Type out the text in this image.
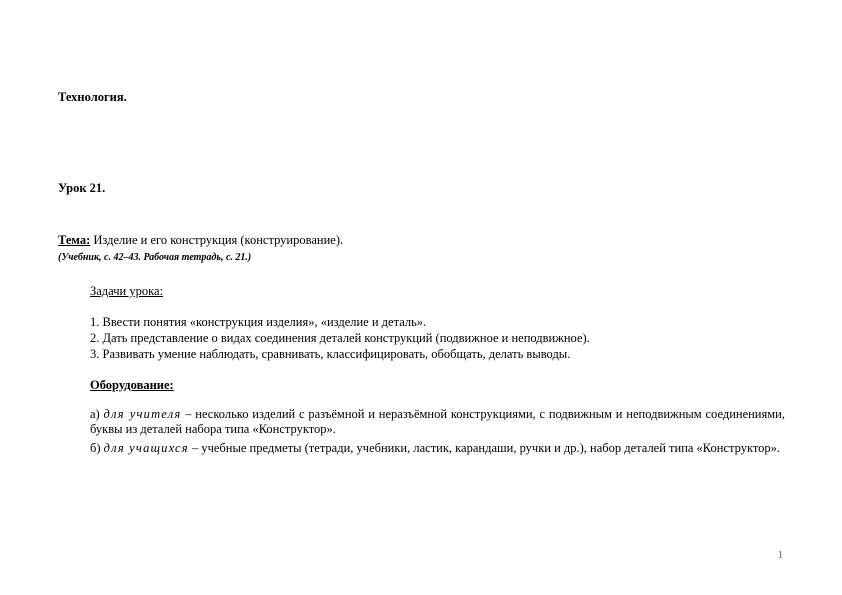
Технология.
Урок 21.
Тема: Изделие и его конструкция (конструирование).
(Учебник, с. 42–43. Рабочая тетрадь, с. 21.)
Задачи урока:
1. Ввести понятия «конструкция изделия», «изделие и деталь».
2. Дать представление о видах соединения деталей конструкций (подвижное и неподвижное).
3. Развивать умение наблюдать, сравнивать, классифицировать, обобщать, делать выводы.
Оборудование:
а) для учителя – несколько изделий с разъёмной и неразъёмной конструкциями, с подвижным и неподвижным соединениями, буквы из деталей набора типа «Конструктор».
б) для учащихся – учебные предметы (тетради, учебники, ластик, карандаши, ручки и др.), набор деталей типа «Конструктор».
1
